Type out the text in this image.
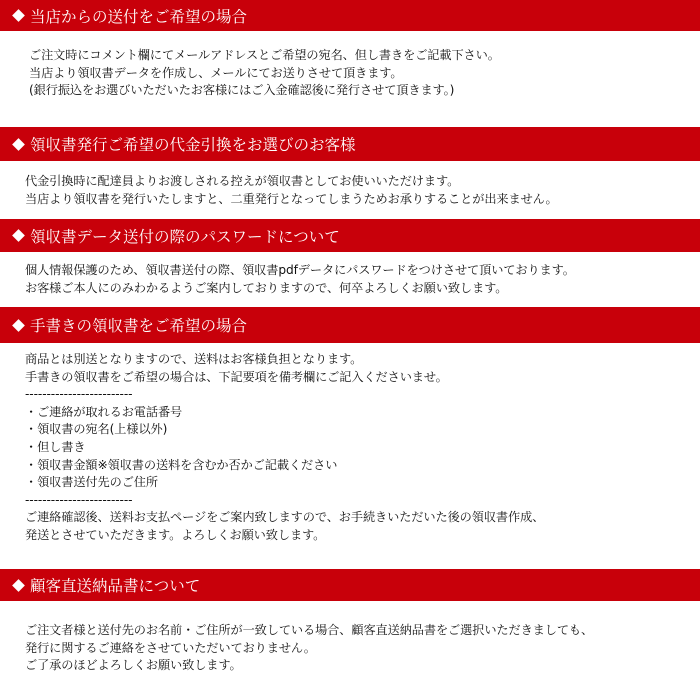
当店からの送付をご希望の場合
ご注文時にコメント欄にてメールアドレスとご希望の宛名、但し書きをご記載下さい。
当店より領収書データを作成し、メールにてお送りさせて頂きます。
(銀行振込をお選びいただいたお客様にはご入金確認後に発行させて頂きます。)
領収書発行ご希望の代金引換をお選びのお客様
代金引換時に配達員よりお渡しされる控えが領収書としてお使いいただけます。
当店より領収書を発行いたしますと、二重発行となってしまうためお承りすることが出来ません。
領収書データ送付の際のパスワードについて
個人情報保護のため、領収書送付の際、領収書pdfデータにパスワードをつけさせて頂いております。
お客様ご本人にのみわかるようご案内しておりますので、何卒よろしくお願い致します。
手書きの領収書をご希望の場合
商品とは別送となりますので、送料はお客様負担となります。
手書きの領収書をご希望の場合は、下記要項を備考欄にご記入くださいませ。
-------------------------
・ご連絡が取れるお電話番号
・領収書の宛名(上様以外)
・但し書き
・領収書金額※領収書の送料を含むか否かご記載ください
・領収書送付先のご住所
-------------------------
ご連絡確認後、送料お支払ページをご案内致しますので、お手続きいただいた後の領収書作成、
発送とさせていただきます。よろしくお願い致します。
顧客直送納品書について
ご注文者様と送付先のお名前・ご住所が一致している場合、顧客直送納品書をご選択いただきましても、
発行に関するご連絡をさせていただいておりません。
ご了承のほどよろしくお願い致します。
